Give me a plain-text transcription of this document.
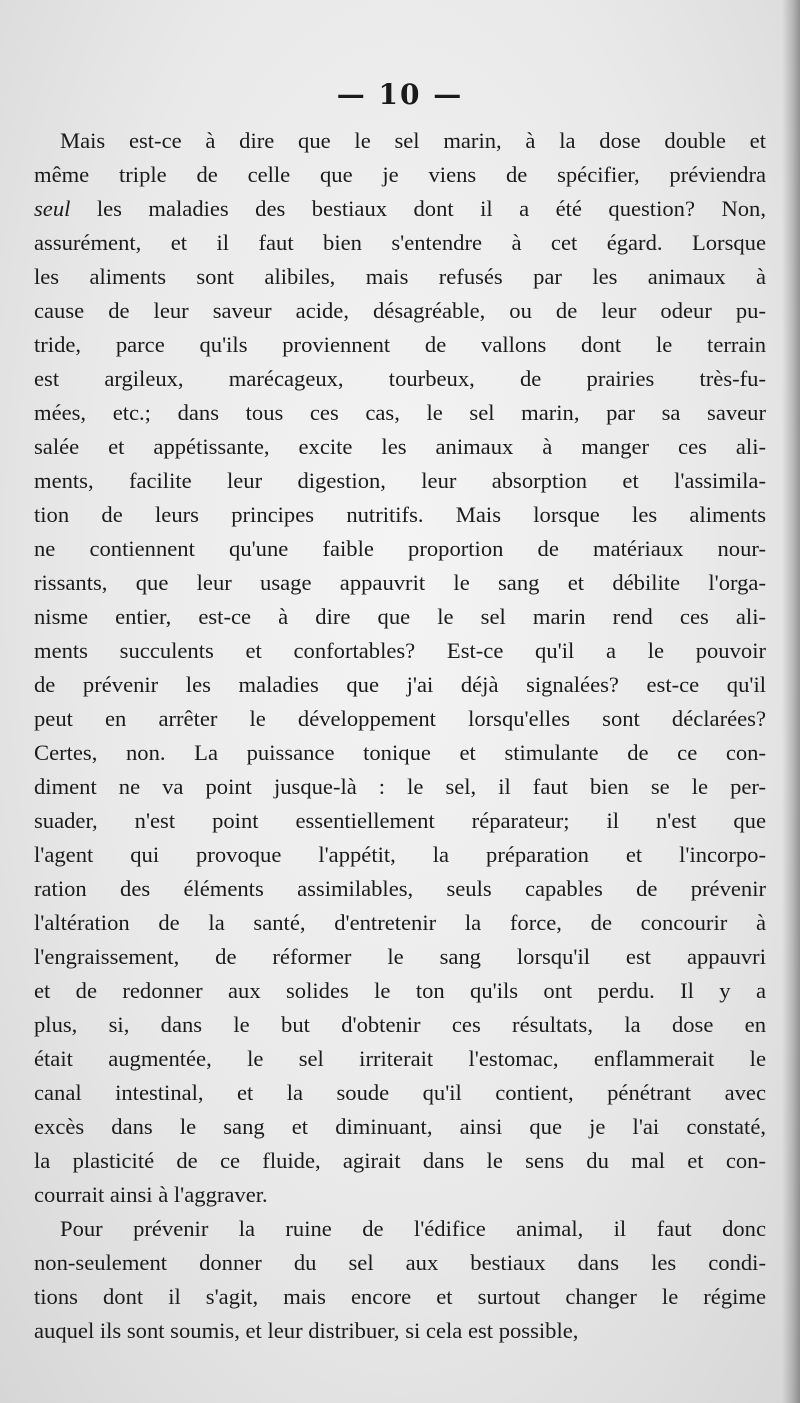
— 10 —

Mais est-ce à dire que le sel marin, à la dose double et
même triple de celle que je viens de spécifier, préviendra
seul les maladies des bestiaux dont il a été question? Non,
assurément, et il faut bien s'entendre à cet égard. Lorsque
les aliments sont alibiles, mais refusés par les animaux à
cause de leur saveur acide, désagréable, ou de leur odeur pu-
tride, parce qu'ils proviennent de vallons dont le terrain
est argileux, marécageux, tourbeux, de prairies très-fu-
mées, etc.; dans tous ces cas, le sel marin, par sa saveur
salée et appétissante, excite les animaux à manger ces ali-
ments, facilite leur digestion, leur absorption et l'assimila-
tion de leurs principes nutritifs. Mais lorsque les aliments
ne contiennent qu'une faible proportion de matériaux nour-
rissants, que leur usage appauvrit le sang et débilite l'orga-
nisme entier, est-ce à dire que le sel marin rend ces ali-
ments succulents et confortables? Est-ce qu'il a le pouvoir
de prévenir les maladies que j'ai déjà signalées? est-ce qu'il
peut en arrêter le développement lorsqu'elles sont déclarées?
Certes, non. La puissance tonique et stimulante de ce con-
diment ne va point jusque-là : le sel, il faut bien se le per-
suader, n'est point essentiellement réparateur; il n'est que
l'agent qui provoque l'appétit, la préparation et l'incorpo-
ration des éléments assimilables, seuls capables de prévenir
l'altération de la santé, d'entretenir la force, de concourir à
l'engraissement, de réformer le sang lorsqu'il est appauvri
et de redonner aux solides le ton qu'ils ont perdu. Il y a
plus, si, dans le but d'obtenir ces résultats, la dose en
était augmentée, le sel irriterait l'estomac, enflammerait le
canal intestinal, et la soude qu'il contient, pénétrant avec
excès dans le sang et diminuant, ainsi que je l'ai constaté,
la plasticité de ce fluide, agirait dans le sens du mal et con-
courrait ainsi à l'aggraver.
Pour prévenir la ruine de l'édifice animal, il faut donc
non-seulement donner du sel aux bestiaux dans les condi-
tions dont il s'agit, mais encore et surtout changer le régime
auquel ils sont soumis, et leur distribuer, si cela est possible,
